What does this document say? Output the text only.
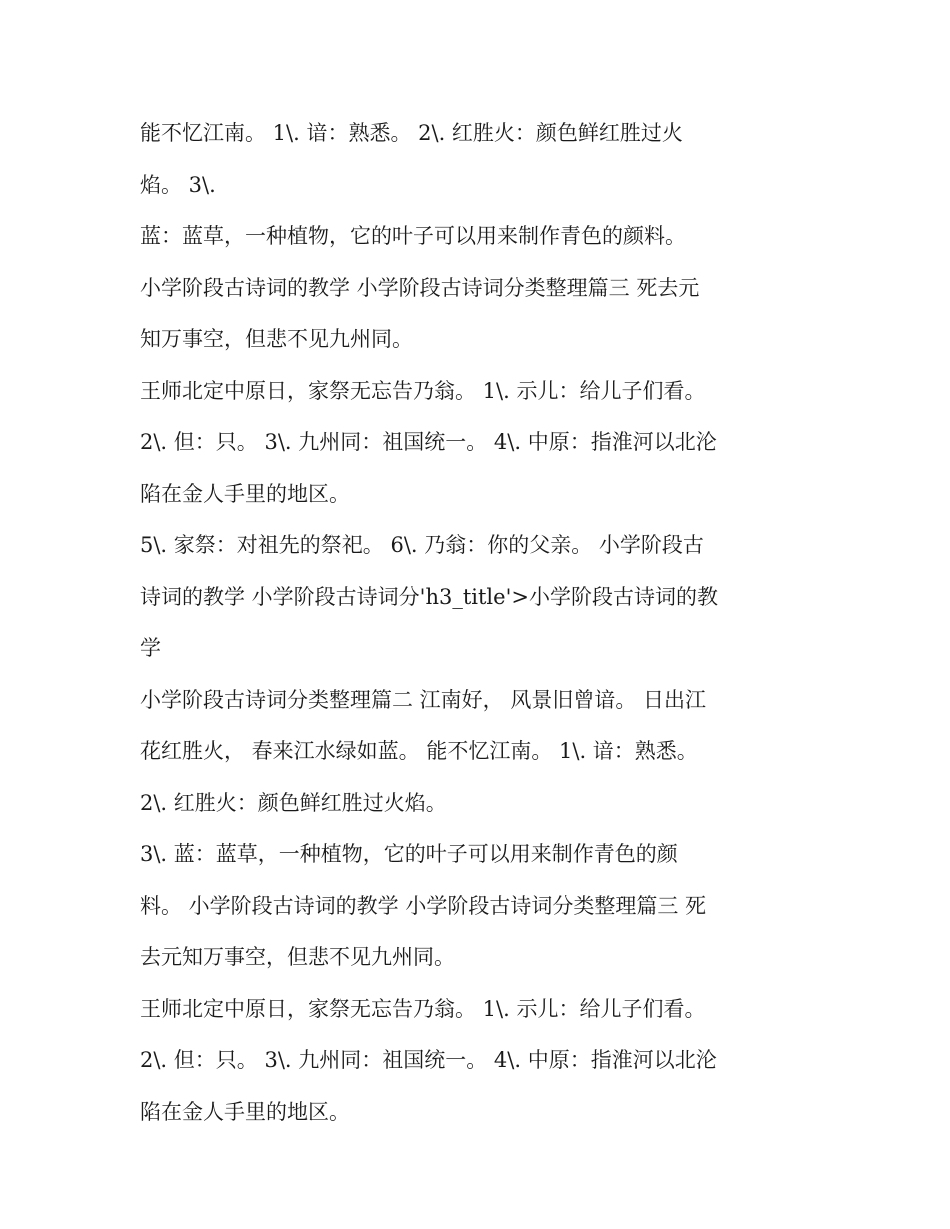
能不忆江南。 1\. 谙：熟悉。 2\. 红胜火：颜色鲜红胜过火
焰。 3\.
蓝：蓝草，一种植物，它的叶子可以用来制作青色的颜料。
小学阶段古诗词的教学 小学阶段古诗词分类整理篇三 死去元
知万事空，但悲不见九州同。
王师北定中原日，家祭无忘告乃翁。 1\. 示儿：给儿子们看。
2\. 但：只。 3\. 九州同：祖国统一。 4\. 中原：指淮河以北沦
陷在金人手里的地区。
5\. 家祭：对祖先的祭祀。 6\. 乃翁：你的父亲。 小学阶段古
诗词的教学 小学阶段古诗词分'h3_title'>小学阶段古诗词的教
学
小学阶段古诗词分类整理篇二 江南好， 风景旧曾谙。 日出江
花红胜火， 春来江水绿如蓝。 能不忆江南。 1\. 谙：熟悉。
2\. 红胜火：颜色鲜红胜过火焰。
3\. 蓝：蓝草，一种植物，它的叶子可以用来制作青色的颜
料。 小学阶段古诗词的教学 小学阶段古诗词分类整理篇三 死
去元知万事空，但悲不见九州同。
王师北定中原日，家祭无忘告乃翁。 1\. 示儿：给儿子们看。
2\. 但：只。 3\. 九州同：祖国统一。 4\. 中原：指淮河以北沦
陷在金人手里的地区。
